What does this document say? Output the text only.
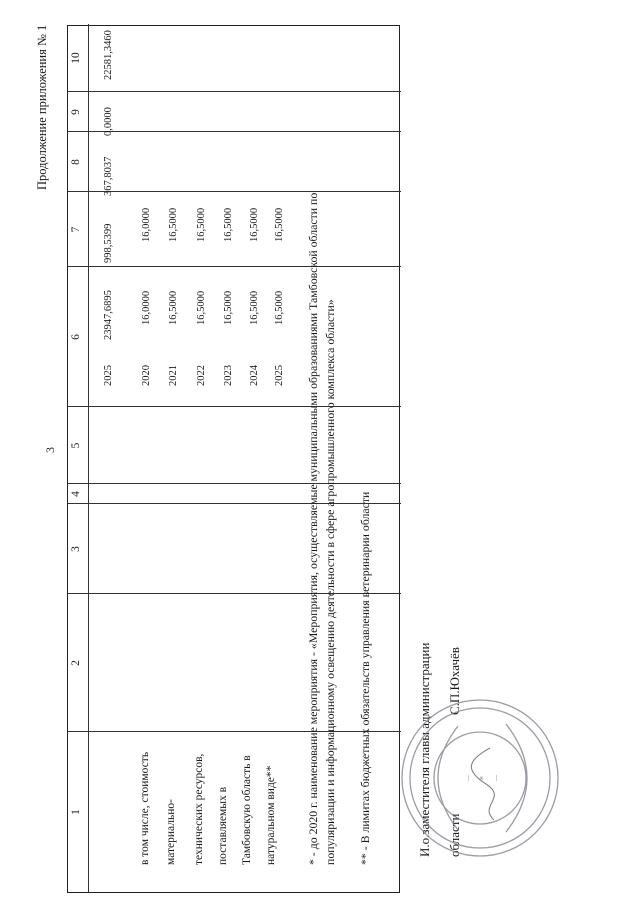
3
Продолжение приложения № 1
1
2
3
4
5
6
7
8
9
10
2025
23947,6895
998,5399
367,8037
0,0000
22581,3460
в том числе, стоимость материально- технических ресурсов, поставляемых в Тамбовскую область в натуральном виде**
2020
16,0000
16,0000
2021
16,5000
16,5000
2022
16,5000
16,5000
2023
16,5000
16,5000
2024
16,5000
16,5000
2025
16,5000
16,5000 * - до 2020 г. наименование мероприятия - «Мероприятия, осуществляемые муниципальными образованиями Тамбовской области по популяризации и информационному освещению деятельности в сфере агропромышленного комплекса области» ** - В лимитах бюджетных обязательств управления ветеринарии области	И.о.заместителя главы администрации области
С.П.Юхачёв
— ✶ —
